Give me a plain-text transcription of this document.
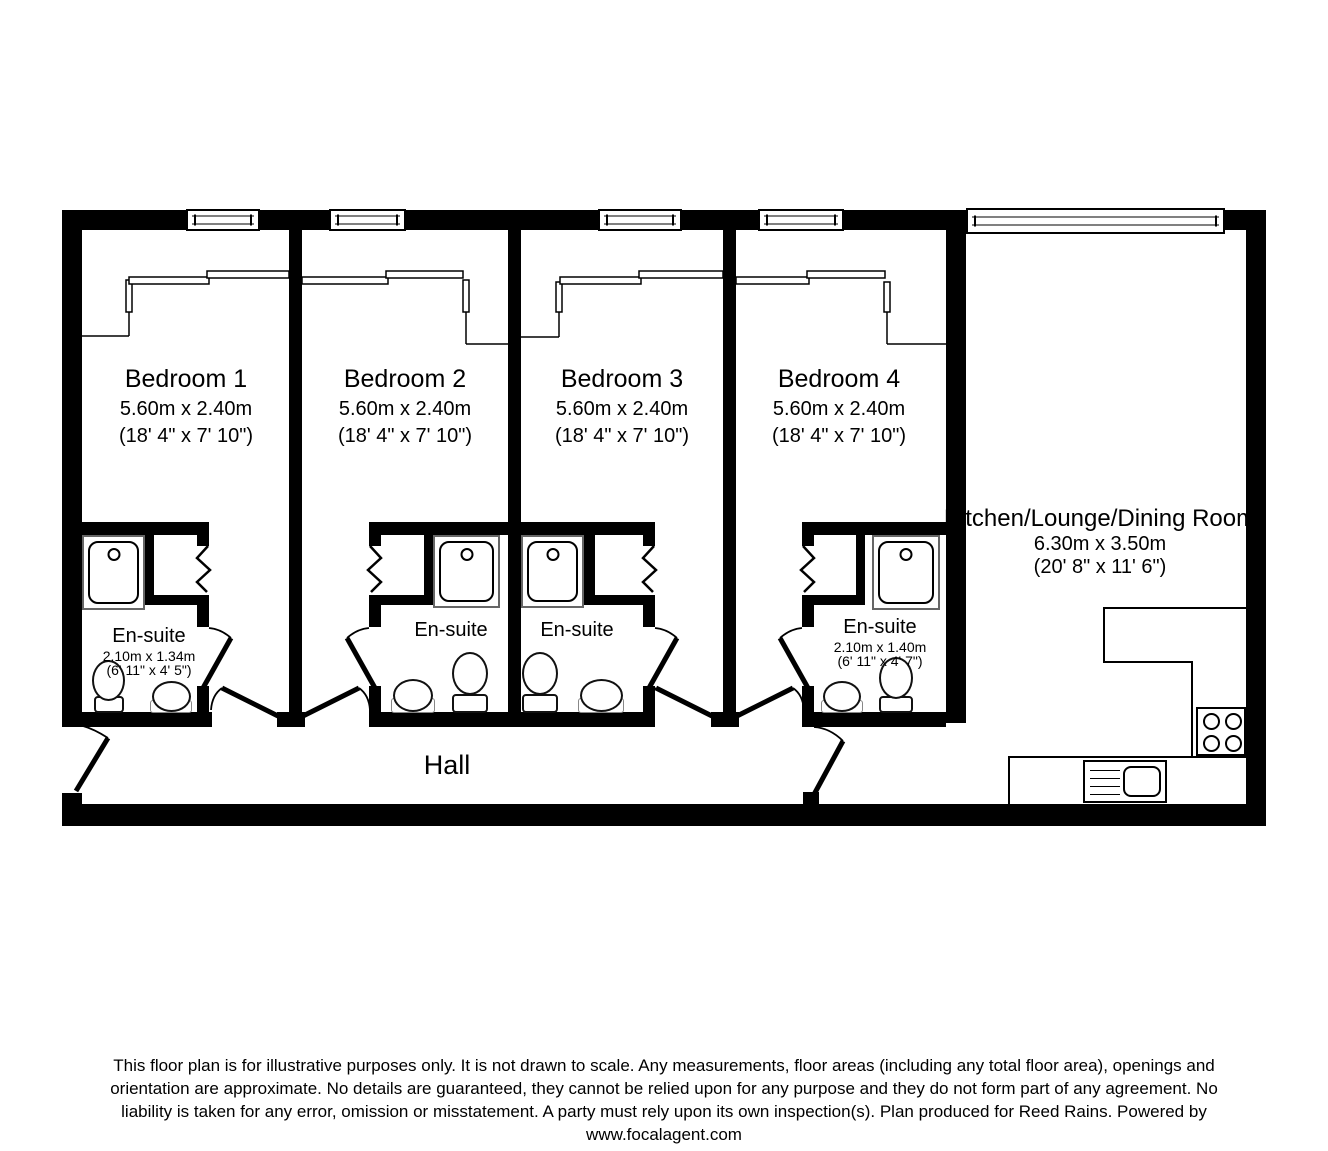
Bedroom 1
5.60m x 2.40m
(18' 4" x 7' 10")
Bedroom 2
5.60m x 2.40m
(18' 4" x 7' 10")
Bedroom 3
5.60m x 2.40m
(18' 4" x 7' 10")
Bedroom 4
5.60m x 2.40m
(18' 4" x 7' 10")
Kitchen/Lounge/Dining Room
6.30m x 3.50m
(20' 8" x 11' 6")
Hall
En-suite
2.10m x 1.34m
(6' 11" x 4' 5")
En-suite	En-suite	En-suite
2.10m x 1.40m
(6' 11" x 4' 7")
This floor plan is for illustrative purposes only. It is not drawn to scale. Any measurements, floor areas (including any total floor area), openings and
orientation are approximate. No details are guaranteed, they cannot be relied upon for any purpose and they do not form part of any agreement. No
liability is taken for any error, omission or misstatement. A party must rely upon its own inspection(s). Plan produced for Reed Rains. Powered by
www.focalagent.com
